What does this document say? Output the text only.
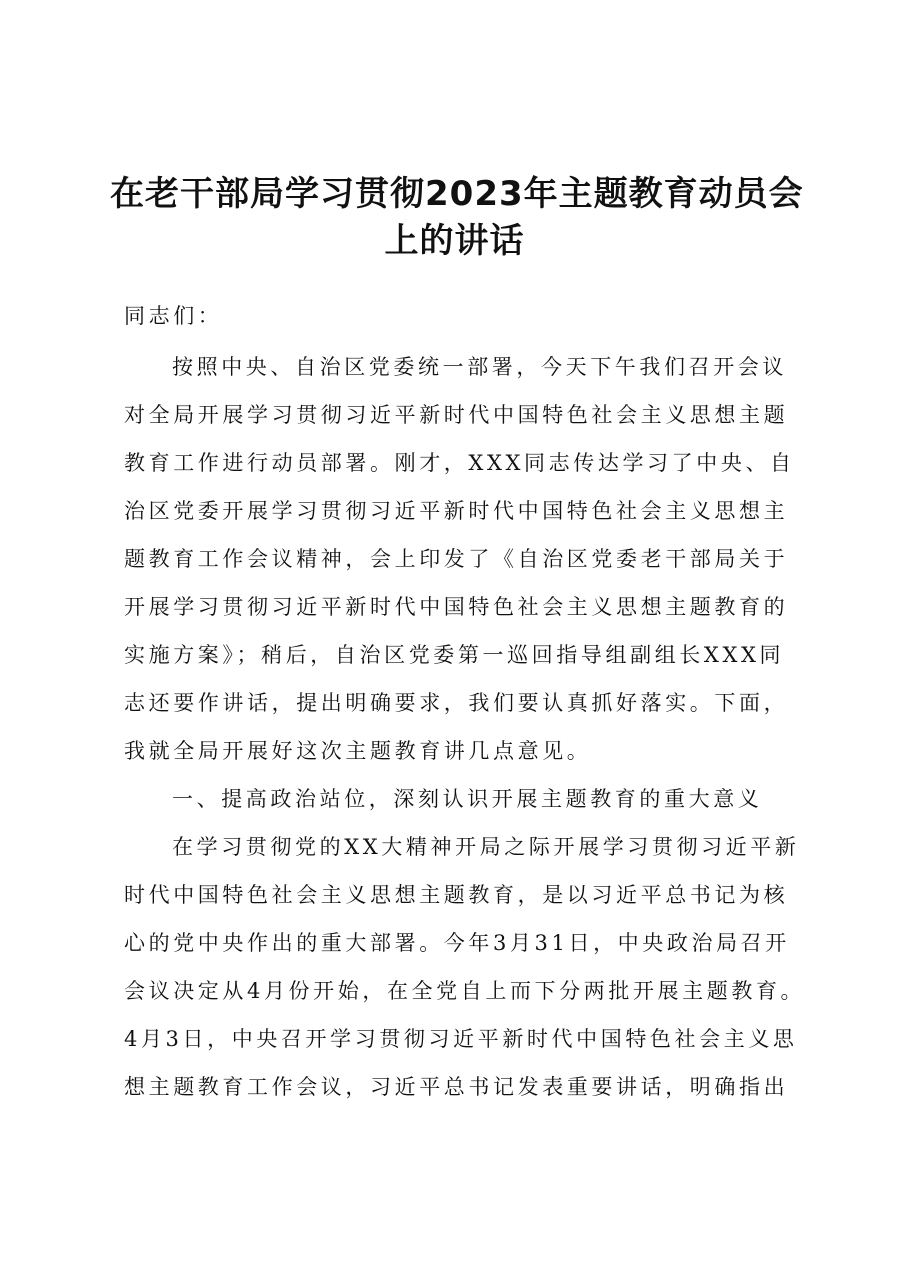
在老干部局学习贯彻2023年主题教育动员会
上的讲话
同志们：
按照中央、自治区党委统一部署，今天下午我们召开会议
对全局开展学习贯彻习近平新时代中国特色社会主义思想主题
教育工作进行动员部署。刚才，XXX同志传达学习了中央、自
治区党委开展学习贯彻习近平新时代中国特色社会主义思想主
题教育工作会议精神，会上印发了《自治区党委老干部局关于
开展学习贯彻习近平新时代中国特色社会主义思想主题教育的
实施方案》；稍后，自治区党委第一巡回指导组副组长XXX同
志还要作讲话，提出明确要求，我们要认真抓好落实。下面，
我就全局开展好这次主题教育讲几点意见。
一、提高政治站位，深刻认识开展主题教育的重大意义
在学习贯彻党的XX大精神开局之际开展学习贯彻习近平新
时代中国特色社会主义思想主题教育，是以习近平总书记为核
心的党中央作出的重大部署。今年3月31日，中央政治局召开
会议决定从4月份开始，在全党自上而下分两批开展主题教育。
4月3日，中央召开学习贯彻习近平新时代中国特色社会主义思
想主题教育工作会议，习近平总书记发表重要讲话，明确指出
